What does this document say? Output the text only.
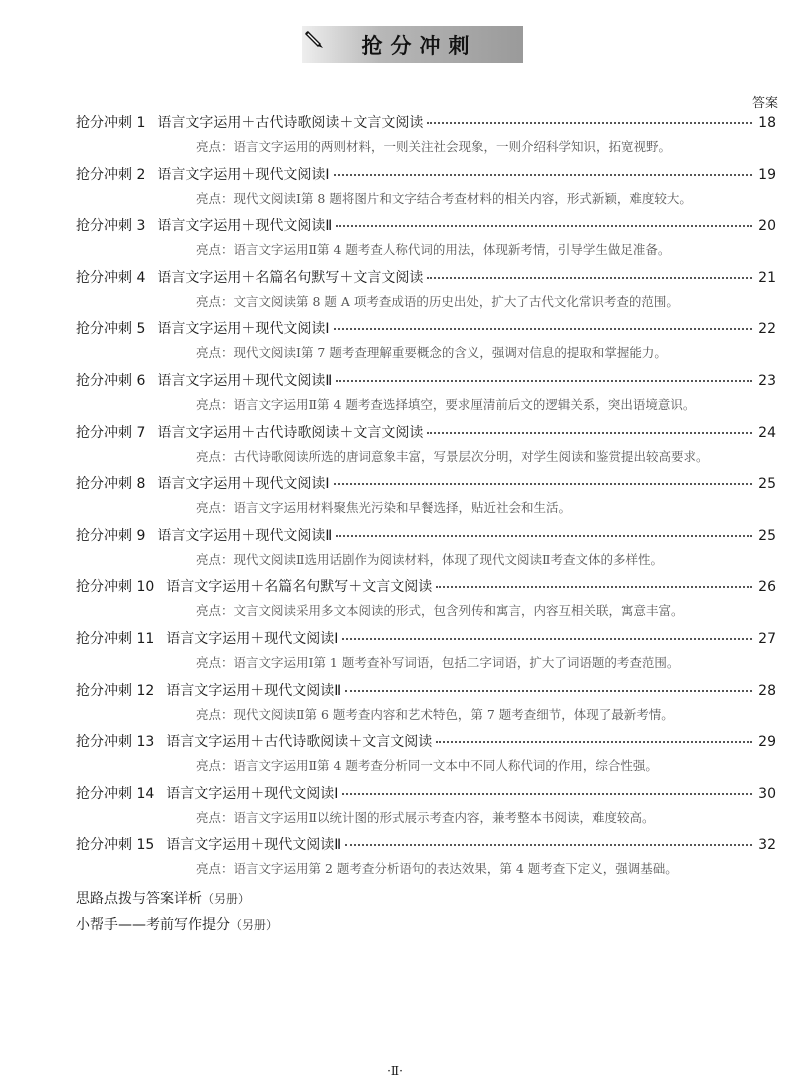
抢分冲刺
答案
抢分冲刺 1 语言文字运用＋古代诗歌阅读＋文言文阅读	18
亮点：语言文字运用的两则材料，一则关注社会现象，一则介绍科学知识，拓宽视野。
抢分冲刺 2 语言文字运用＋现代文阅读Ⅰ	19
亮点：现代文阅读Ⅰ第 8 题将图片和文字结合考查材料的相关内容，形式新颖，难度较大。
抢分冲刺 3 语言文字运用＋现代文阅读Ⅱ	20
亮点：语言文字运用Ⅱ第 4 题考查人称代词的用法，体现新考情，引导学生做足准备。
抢分冲刺 4 语言文字运用＋名篇名句默写＋文言文阅读	21
亮点：文言文阅读第 8 题 A 项考查成语的历史出处，扩大了古代文化常识考查的范围。
抢分冲刺 5 语言文字运用＋现代文阅读Ⅰ	22
亮点：现代文阅读Ⅰ第 7 题考查理解重要概念的含义，强调对信息的提取和掌握能力。
抢分冲刺 6 语言文字运用＋现代文阅读Ⅱ	23
亮点：语言文字运用Ⅱ第 4 题考查选择填空，要求厘清前后文的逻辑关系，突出语境意识。
抢分冲刺 7 语言文字运用＋古代诗歌阅读＋文言文阅读	24
亮点：古代诗歌阅读所选的唐词意象丰富，写景层次分明，对学生阅读和鉴赏提出较高要求。
抢分冲刺 8 语言文字运用＋现代文阅读Ⅰ	25
亮点：语言文字运用材料聚焦光污染和早餐选择，贴近社会和生活。
抢分冲刺 9 语言文字运用＋现代文阅读Ⅱ	25
亮点：现代文阅读Ⅱ选用话剧作为阅读材料，体现了现代文阅读Ⅱ考查文体的多样性。
抢分冲刺 10 语言文字运用＋名篇名句默写＋文言文阅读	26
亮点：文言文阅读采用多文本阅读的形式，包含列传和寓言，内容互相关联，寓意丰富。
抢分冲刺 11 语言文字运用＋现代文阅读Ⅰ	27
亮点：语言文字运用Ⅰ第 1 题考查补写词语，包括二字词语，扩大了词语题的考查范围。
抢分冲刺 12 语言文字运用＋现代文阅读Ⅱ	28
亮点：现代文阅读Ⅱ第 6 题考查内容和艺术特色，第 7 题考查细节，体现了最新考情。
抢分冲刺 13 语言文字运用＋古代诗歌阅读＋文言文阅读	29
亮点：语言文字运用Ⅱ第 4 题考查分析同一文本中不同人称代词的作用，综合性强。
抢分冲刺 14 语言文字运用＋现代文阅读Ⅰ	30
亮点：语言文字运用Ⅱ以统计图的形式展示考查内容，兼考整本书阅读，难度较高。
抢分冲刺 15 语言文字运用＋现代文阅读Ⅱ	32
亮点：语言文字运用第 2 题考查分析语句的表达效果，第 4 题考查下定义，强调基础。
思路点拨与答案详析（另册）
小帮手——考前写作提分（另册）
·Ⅱ·
